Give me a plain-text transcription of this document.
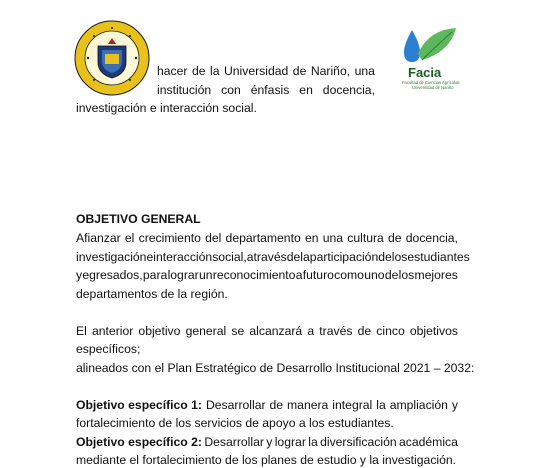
Facia
Facultad de Ciencias Agrícolas
Universidad de Nariño
hacer de la Universidad de Nariño, una
institución con énfasis en docencia,
investigación e interacción social.
OBJETIVO GENERAL
Afianzar el crecimiento del departamento en una cultura de docencia,
investigación e interacción social, a través de la participación de los estudiantes
y egresados, para lograr un reconocimiento a futuro como uno de los mejores
departamentos de la región.
El anterior objetivo general se alcanzará a través de cinco objetivos
específicos;
alineados con el Plan Estratégico de Desarrollo Institucional 2021 – 2032:
Objetivo específico 1: Desarrollar de manera integral la ampliación y
fortalecimiento de los servicios de apoyo a los estudiantes.
Objetivo específico 2: Desarrollar y lograr la diversificación académica
mediante el fortalecimiento de los planes de estudio y la investigación.
